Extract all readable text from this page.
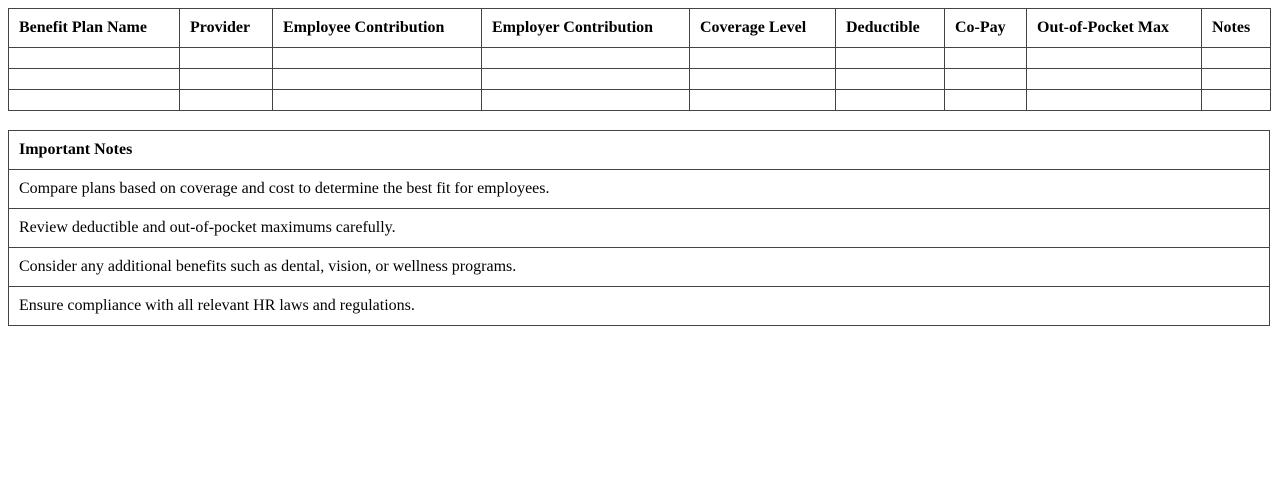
Benefit Plan Name	Provider	Employee Contribution	Employer Contribution	Coverage Level	Deductible	Co-Pay	Out-of-Pocket Max	Notes

Important Notes
Compare plans based on coverage and cost to determine the best fit for employees.
Review deductible and out-of-pocket maximums carefully.
Consider any additional benefits such as dental, vision, or wellness programs.
Ensure compliance with all relevant HR laws and regulations.
